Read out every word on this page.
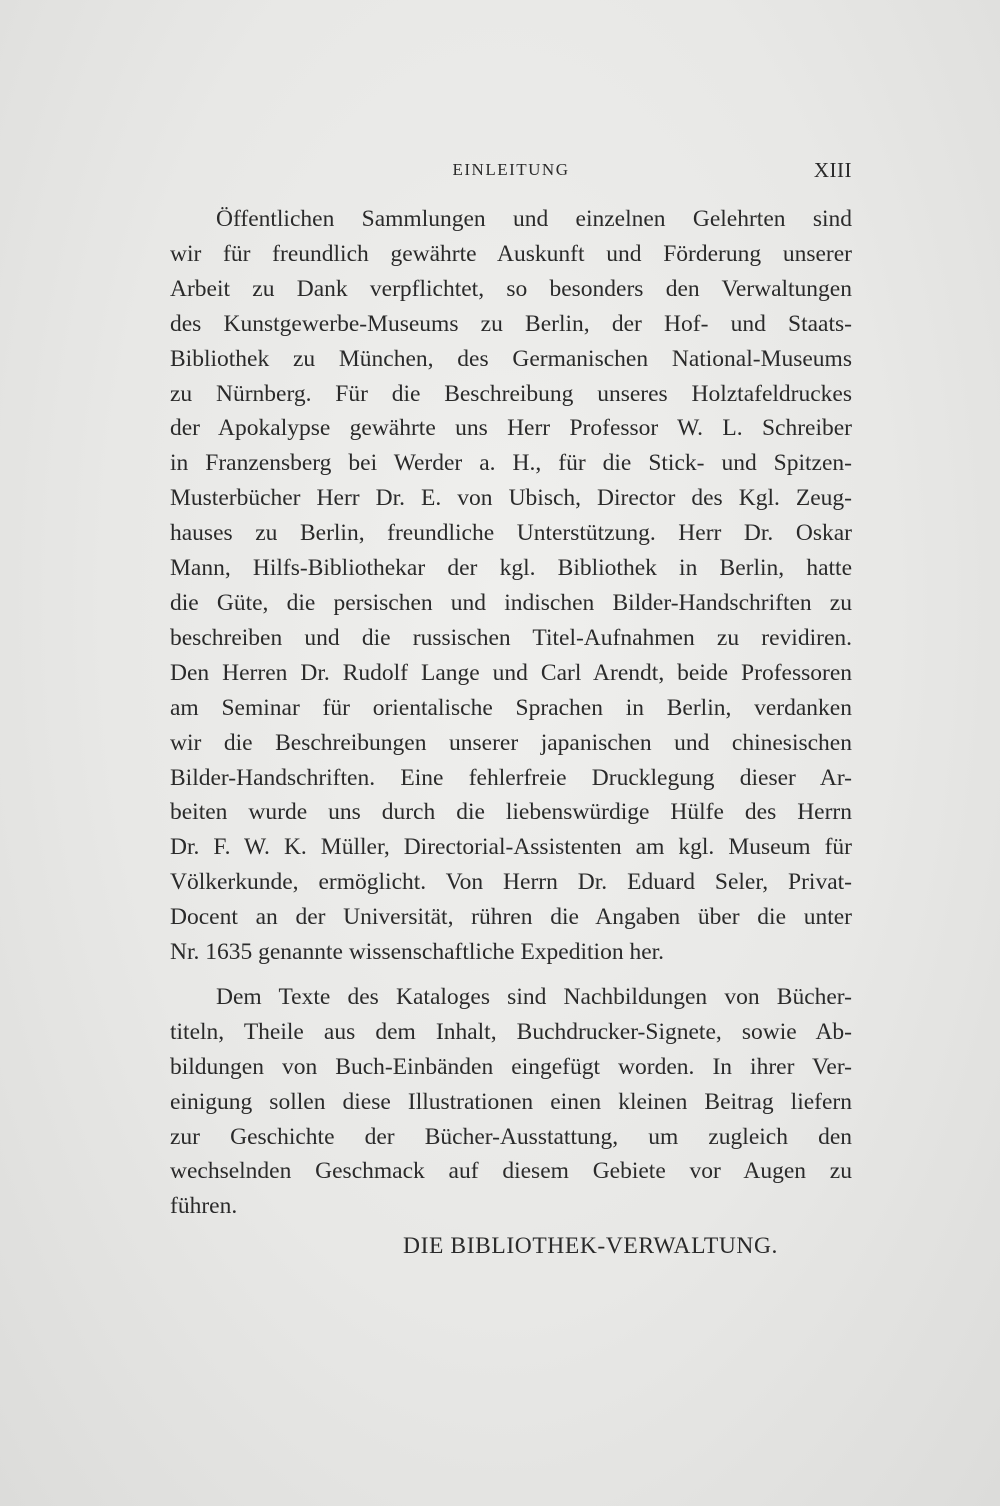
EINLEITUNG	XIII
Öffentlichen Sammlungen und einzelnen Gelehrten sind
wir für freundlich gewährte Auskunft und Förderung unserer
Arbeit zu Dank verpflichtet, so besonders den Verwaltungen
des Kunstgewerbe-Museums zu Berlin, der Hof- und Staats-
Bibliothek zu München, des Germanischen National-Museums
zu Nürnberg. Für die Beschreibung unseres Holztafeldruckes
der Apokalypse gewährte uns Herr Professor W. L. Schreiber
in Franzensberg bei Werder a. H., für die Stick- und Spitzen-
Musterbücher Herr Dr. E. von Ubisch, Director des Kgl. Zeug-
hauses zu Berlin, freundliche Unterstützung. Herr Dr. Oskar
Mann, Hilfs-Bibliothekar der kgl. Bibliothek in Berlin, hatte
die Güte, die persischen und indischen Bilder-Handschriften zu
beschreiben und die russischen Titel-Aufnahmen zu revidiren.
Den Herren Dr. Rudolf Lange und Carl Arendt, beide Professoren
am Seminar für orientalische Sprachen in Berlin, verdanken
wir die Beschreibungen unserer japanischen und chinesischen
Bilder-Handschriften. Eine fehlerfreie Drucklegung dieser Ar-
beiten wurde uns durch die liebenswürdige Hülfe des Herrn
Dr. F. W. K. Müller, Directorial-Assistenten am kgl. Museum für
Völkerkunde, ermöglicht. Von Herrn Dr. Eduard Seler, Privat-
Docent an der Universität, rühren die Angaben über die unter
Nr. 1635 genannte wissenschaftliche Expedition her.
Dem Texte des Kataloges sind Nachbildungen von Bücher-
titeln, Theile aus dem Inhalt, Buchdrucker-Signete, sowie Ab-
bildungen von Buch-Einbänden eingefügt worden. In ihrer Ver-
einigung sollen diese Illustrationen einen kleinen Beitrag liefern
zur Geschichte der Bücher-Ausstattung, um zugleich den
wechselnden Geschmack auf diesem Gebiete vor Augen zu
führen.
DIE BIBLIOTHEK-VERWALTUNG.
